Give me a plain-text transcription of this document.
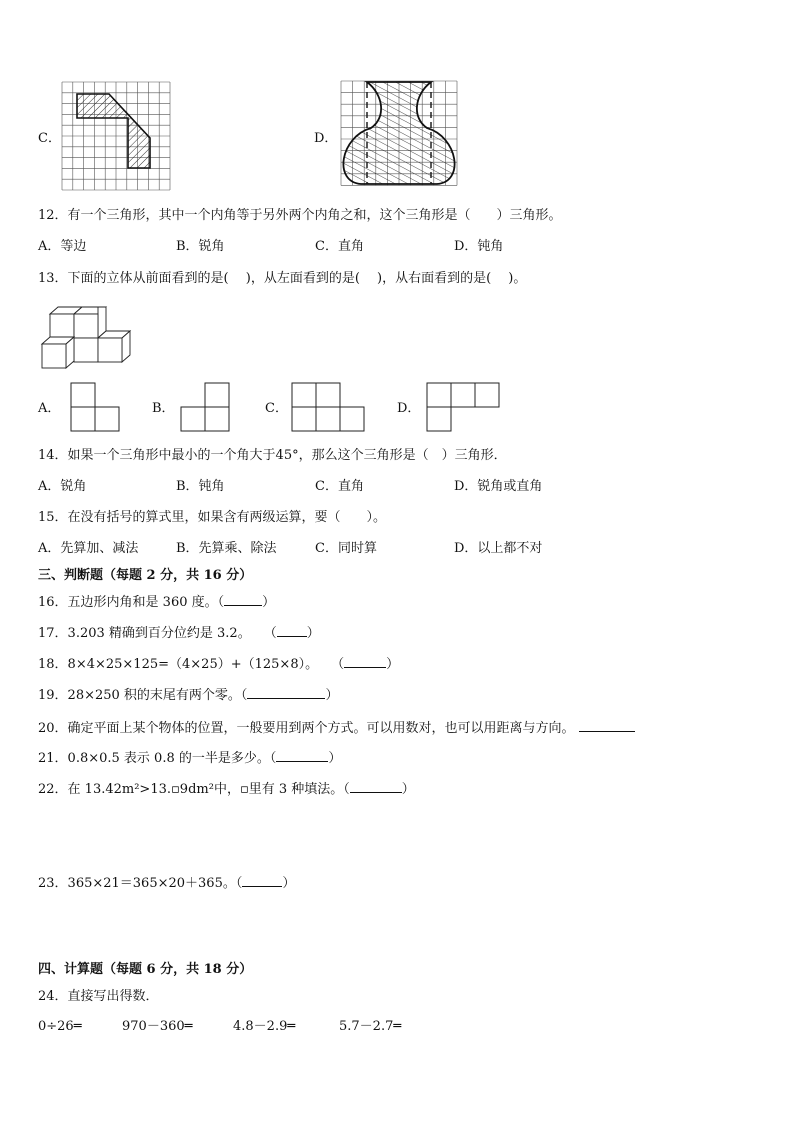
C．	D．
12．有一个三角形，其中一个内角等于另外两个内角之和，这个三角形是（　　）三角形。
A．等边	B．锐角	C．直角	D．钝角
13．下面的立体从前面看到的是(　 )，从左面看到的是(　 )，从右面看到的是(　 )。
A．	B．	C．	D．
14．如果一个三角形中最小的一个角大于45°，那么这个三角形是（　）三角形．
A．锐角	B．钝角	C．直角	D．锐角或直角
15．在没有括号的算式里，如果含有两级运算，要（　　）。
A．先算加、减法	B．先算乘、除法	C．同时算	D．以上都不对
三、判断题（每题 2 分，共 16 分）
16．五边形内角和是 360 度。（	）
17．3.203 精确到百分位约是 3.2。　　（ ）
18．8×4×25×125=（4×25）+（125×8）。　　（	）
19．28×250 积的末尾有两个零。（	）
20．确定平面上某个物体的位置，一般要用到两个方式。可以用数对，也可以用距离与方向。
21．0.8×0.5 表示 0.8 的一半是多少。（	）
22．在 13.42m²>13.▫9dm²中，▫里有 3 种填法。（	）
23．365×21＝365×20＋365。（	）
四、计算题（每题 6 分，共 18 分）
24．直接写出得数．
0÷26═	970－360═	4.8－2.9═	5.7－2.7═
